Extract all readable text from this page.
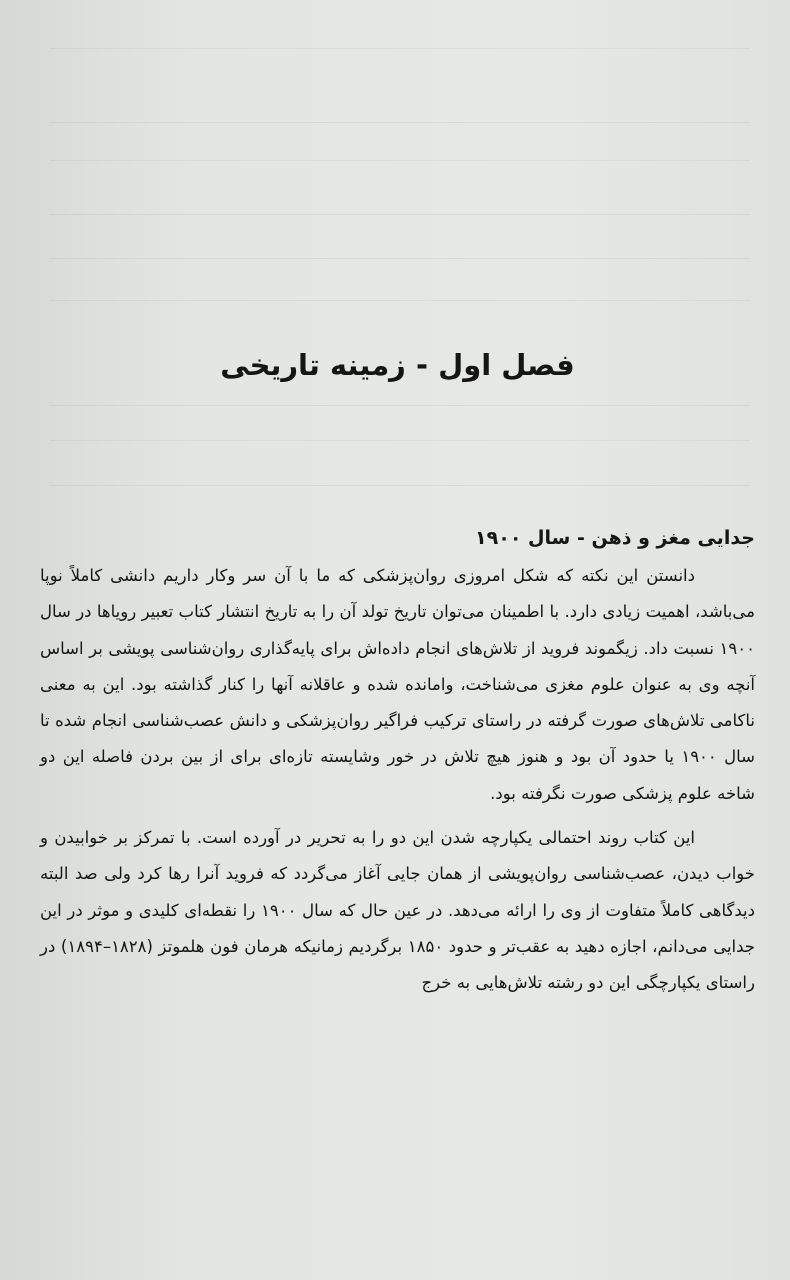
فصل اول - زمینه تاریخی
جدایی مغز و ذهن - سال ۱۹۰۰

دانستن این نکته که شکل امروزی روان‌پزشکی که ما با آن سر وکار داریم دانشی کاملاً نوپا می‌باشد، اهمیت زیادی دارد. با اطمینان می‌توان تاریخ تولد آن را به تاریخ انتشار کتاب تعبیر رویاها در سال ۱۹۰۰ نسبت داد. زیگموند فروید از تلاش‌های انجام داده‌اش برای پایه‌گذاری روان‌شناسی پویشی بر اساس آنچه وی به عنوان علوم مغزی می‌شناخت، وامانده شده و عاقلانه آنها را کنار گذاشته بود. این به معنی ناکامی تلاش‌های صورت گرفته در راستای ترکیب فراگیر روان‌پزشکی و دانش عصب‌شناسی انجام شده تا سال ۱۹۰۰ یا حدود آن بود و هنوز هیچ تلاش در خور وشایسته تازه‌ای برای از بین بردن فاصله این دو شاخه علوم پزشکی صورت نگرفته بود.

این کتاب روند احتمالی یکپارچه شدن این دو را به تحریر در آورده است. با تمرکز بر خوابیدن و خواب دیدن، عصب‌شناسی روان‌پویشی از همان جایی آغاز می‌گردد که فروید آنرا رها کرد ولی صد البته دیدگاهی کاملاً متفاوت از وی را ارائه می‌دهد. در عین حال که سال ۱۹۰۰ را نقطه‌ای کلیدی و موثر در این جدایی می‌دانم، اجازه دهید به عقب‌تر و حدود ۱۸۵۰ برگردیم زمانیکه هرمان فون هلموتز (۱۸۲۸–۱۸۹۴) در راستای یکپارچگی این دو رشته تلاش‌هایی به خرج
